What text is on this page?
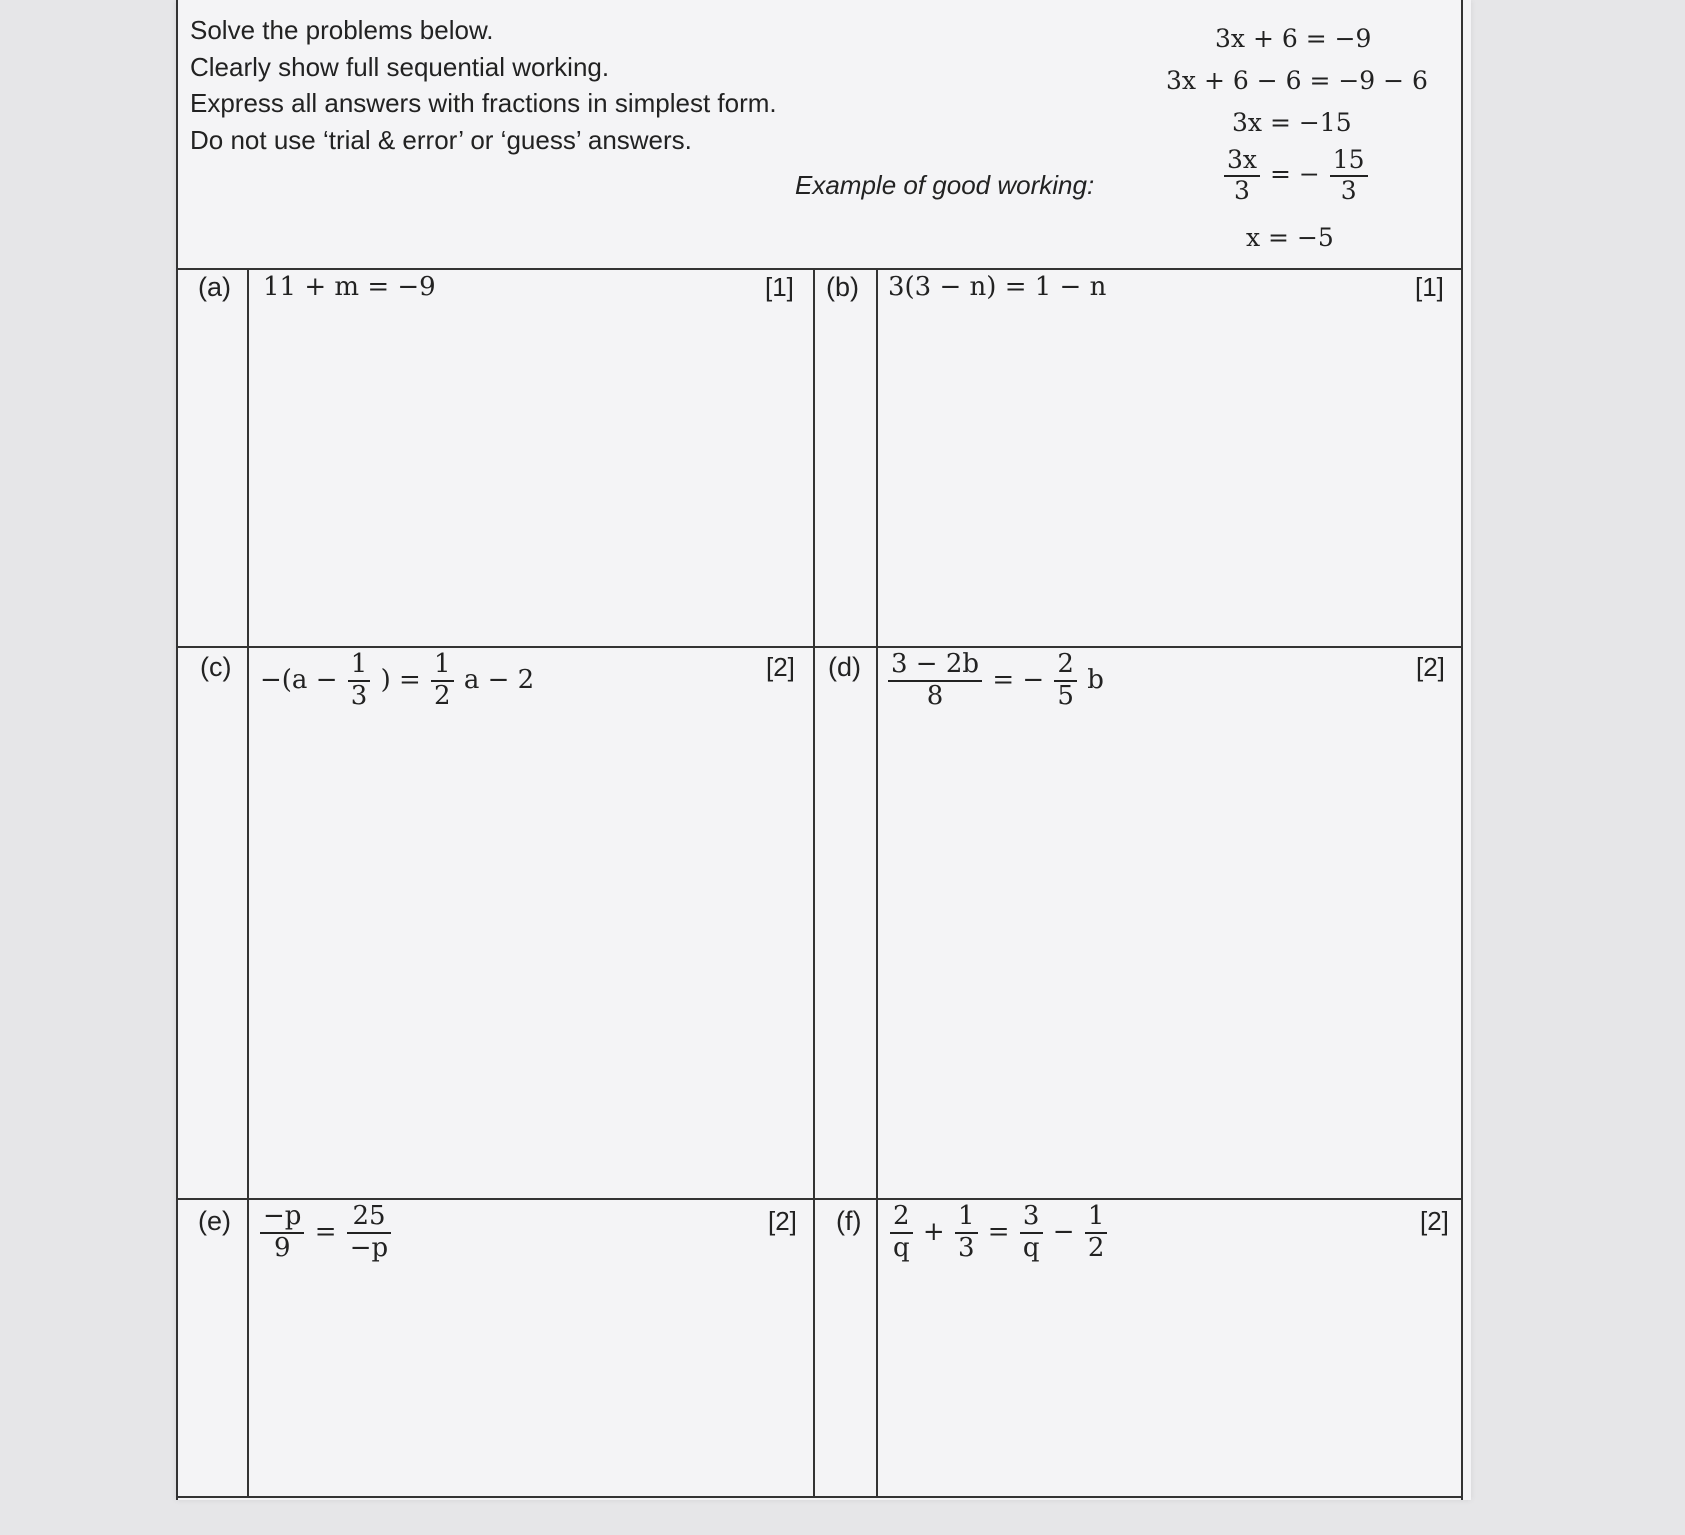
Solve the problems below.
Clearly show full sequential working.
Express all answers with fractions in simplest form.
Do not use ‘trial & error’ or ‘guess’ answers.
Example of good working:
3x + 6 = −9
3x + 6 − 6 = −9 − 6
3x = −15
$\frac{3x}{3}$ = − $\frac{15}{3}$
x = −5
(a) 11 + m = −9	[1] (b) 3(3 − n) = 1 − n	[1]
$(c) -(a - \frac{1}{3}$ ) = $\frac{1}{2}$ a − 2	[2] $(d) \frac{3 - 2b}{8}$ = − $\frac{2}{5}$ b	[2]
$(e) \frac{-p}{9} = \frac{25}{-p}$	[2] $(f) \frac{2}{q} + \frac{1}{3} = \frac{3}{q} - \frac{1}{2}$	[2]
